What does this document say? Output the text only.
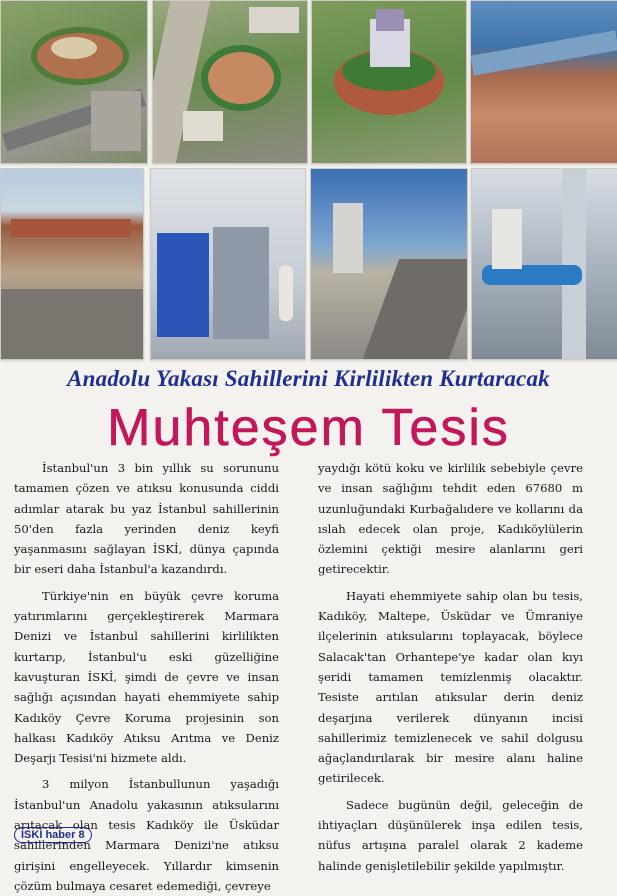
Anadolu Yakası Sahillerini Kirlilikten Kurtaracak
Muhteşem Tesis

İstanbul'un 3 bin yıllık su sorununu tamamen çözen ve atıksu konusunda ciddi adımlar atarak bu yaz İstanbul sahillerinin 50'den fazla yerinden deniz keyfi yaşanmasını sağlayan İSKİ, dünya çapında bir eseri daha İstanbul'a kazandırdı.

Türkiye'nin en büyük çevre koruma yatırımlarını gerçekleştirerek Marmara Denizi ve İstanbul sahillerini kirlilikten kurtarıp, İstanbul'u eski güzelliğine kavuşturan İSKİ, şimdi de çevre ve insan sağlığı açısından hayati ehemmiyete sahip Kadıköy Çevre Koruma projesinin son halkası Kadıköy Atıksu Arıtma ve Deniz Deşarjı Tesisi'ni hizmete aldı.

3 milyon İstanbullunun yaşadığı İstanbul'un Anadolu yakasının atıksularını arıtacak olan tesis Kadıköy ile Üsküdar sahillerinden Marmara Denizi'ne atıksu girişini engelleyecek. Yıllardır kimsenin çözüm bulmaya cesaret edemediği, çevreye

yaydığı kötü koku ve kirlilik sebebiyle çevre ve insan sağlığını tehdit eden 67680 m uzunluğundaki Kurbağalıdere ve kollarını da ıslah edecek olan proje, Kadıköylülerin özlemini çektiği mesire alanlarını geri getirecektir.

Hayati ehemmiyete sahip olan bu tesis, Kadıköy, Maltepe, Üsküdar ve Ümraniye ilçelerinin atıksularını toplayacak, böylece Salacak'tan Orhantepe'ye kadar olan kıyı şeridi tamamen temizlenmiş olacaktır. Tesiste arıtılan atıksular derin deniz deşarjına verilerek dünyanın incisi sahillerimiz temizlenecek ve sahil dolgusu ağaçlandırılarak bir mesire alanı haline getirilecek.

Sadece bugünün değil, geleceğin de ihtiyaçları düşünülerek inşa edilen tesis, nüfus artışına paralel olarak 2 kademe halinde genişletilebilir şekilde yapılmıştır.

İSKİ haber 8
